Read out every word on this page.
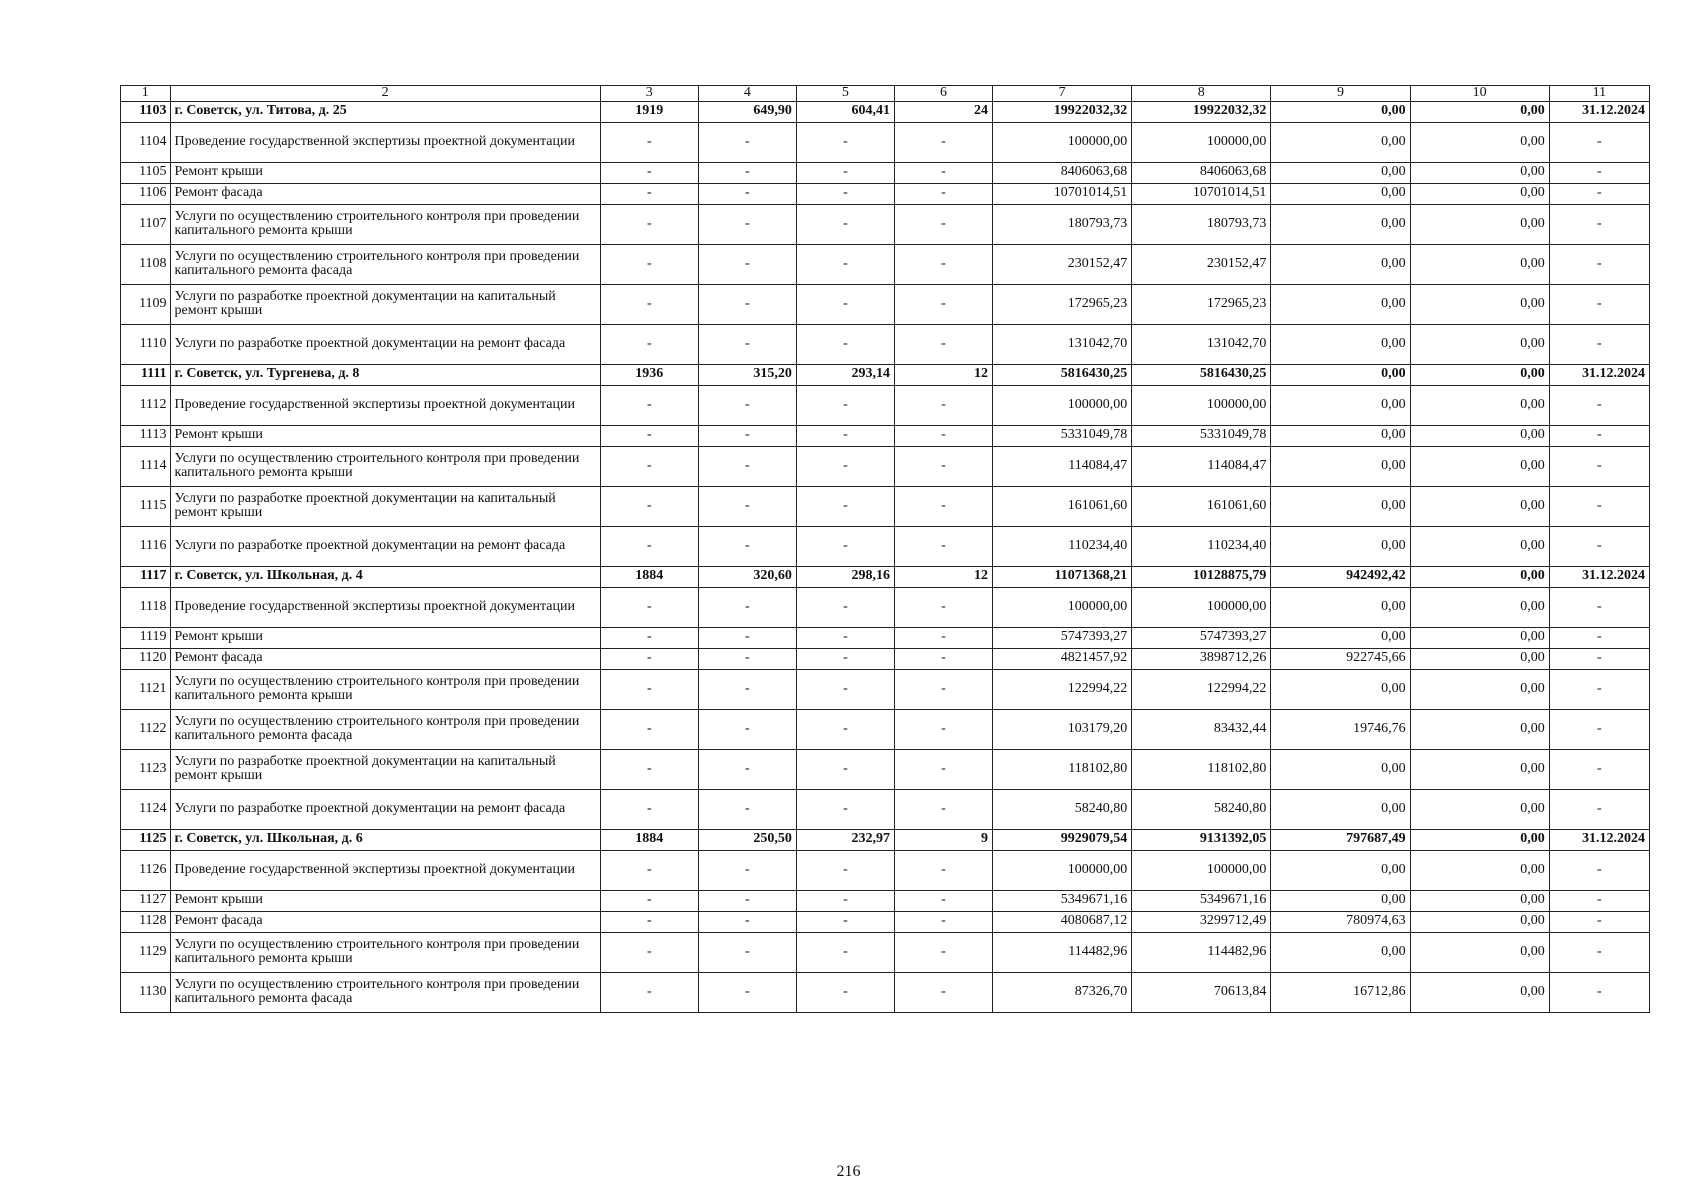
1	2	3	4	5	6	7	8	9	10	11
1103	г. Советск, ул. Титова, д. 25	1919	649,90	604,41	24	19922032,32	19922032,32	0,00	0,00	31.12.2024
1104	Проведение государственной экспертизы проектной документации	-	-	-	-	100000,00	100000,00	0,00	0,00	-
1105	Ремонт крыши	-	-	-	-	8406063,68	8406063,68	0,00	0,00	-
1106	Ремонт фасада	-	-	-	-	10701014,51	10701014,51	0,00	0,00	-
1107	Услуги по осуществлению строительного контроля при проведении капитального ремонта крыши	-	-	-	-	180793,73	180793,73	0,00	0,00	-
1108	Услуги по осуществлению строительного контроля при проведении капитального ремонта фасада	-	-	-	-	230152,47	230152,47	0,00	0,00	-
1109	Услуги по разработке проектной документации на капитальный ремонт крыши	-	-	-	-	172965,23	172965,23	0,00	0,00	-
1110	Услуги по разработке проектной документации на ремонт фасада	-	-	-	-	131042,70	131042,70	0,00	0,00	-
1111	г. Советск, ул. Тургенева, д. 8	1936	315,20	293,14	12	5816430,25	5816430,25	0,00	0,00	31.12.2024
1112	Проведение государственной экспертизы проектной документации	-	-	-	-	100000,00	100000,00	0,00	0,00	-
1113	Ремонт крыши	-	-	-	-	5331049,78	5331049,78	0,00	0,00	-
1114	Услуги по осуществлению строительного контроля при проведении капитального ремонта крыши	-	-	-	-	114084,47	114084,47	0,00	0,00	-
1115	Услуги по разработке проектной документации на капитальный ремонт крыши	-	-	-	-	161061,60	161061,60	0,00	0,00	-
1116	Услуги по разработке проектной документации на ремонт фасада	-	-	-	-	110234,40	110234,40	0,00	0,00	-
1117	г. Советск, ул. Школьная, д. 4	1884	320,60	298,16	12	11071368,21	10128875,79	942492,42	0,00	31.12.2024
1118	Проведение государственной экспертизы проектной документации	-	-	-	-	100000,00	100000,00	0,00	0,00	-
1119	Ремонт крыши	-	-	-	-	5747393,27	5747393,27	0,00	0,00	-
1120	Ремонт фасада	-	-	-	-	4821457,92	3898712,26	922745,66	0,00	-
1121	Услуги по осуществлению строительного контроля при проведении капитального ремонта крыши	-	-	-	-	122994,22	122994,22	0,00	0,00	-
1122	Услуги по осуществлению строительного контроля при проведении капитального ремонта фасада	-	-	-	-	103179,20	83432,44	19746,76	0,00	-
1123	Услуги по разработке проектной документации на капитальный ремонт крыши	-	-	-	-	118102,80	118102,80	0,00	0,00	-
1124	Услуги по разработке проектной документации на ремонт фасада	-	-	-	-	58240,80	58240,80	0,00	0,00	-
1125	г. Советск, ул. Школьная, д. 6	1884	250,50	232,97	9	9929079,54	9131392,05	797687,49	0,00	31.12.2024
1126	Проведение государственной экспертизы проектной документации	-	-	-	-	100000,00	100000,00	0,00	0,00	-
1127	Ремонт крыши	-	-	-	-	5349671,16	5349671,16	0,00	0,00	-
1128	Ремонт фасада	-	-	-	-	4080687,12	3299712,49	780974,63	0,00	-
1129	Услуги по осуществлению строительного контроля при проведении капитального ремонта крыши	-	-	-	-	114482,96	114482,96	0,00	0,00	-
1130	Услуги по осуществлению строительного контроля при проведении капитального ремонта фасада	-	-	-	-	87326,70	70613,84	16712,86	0,00	-
216
